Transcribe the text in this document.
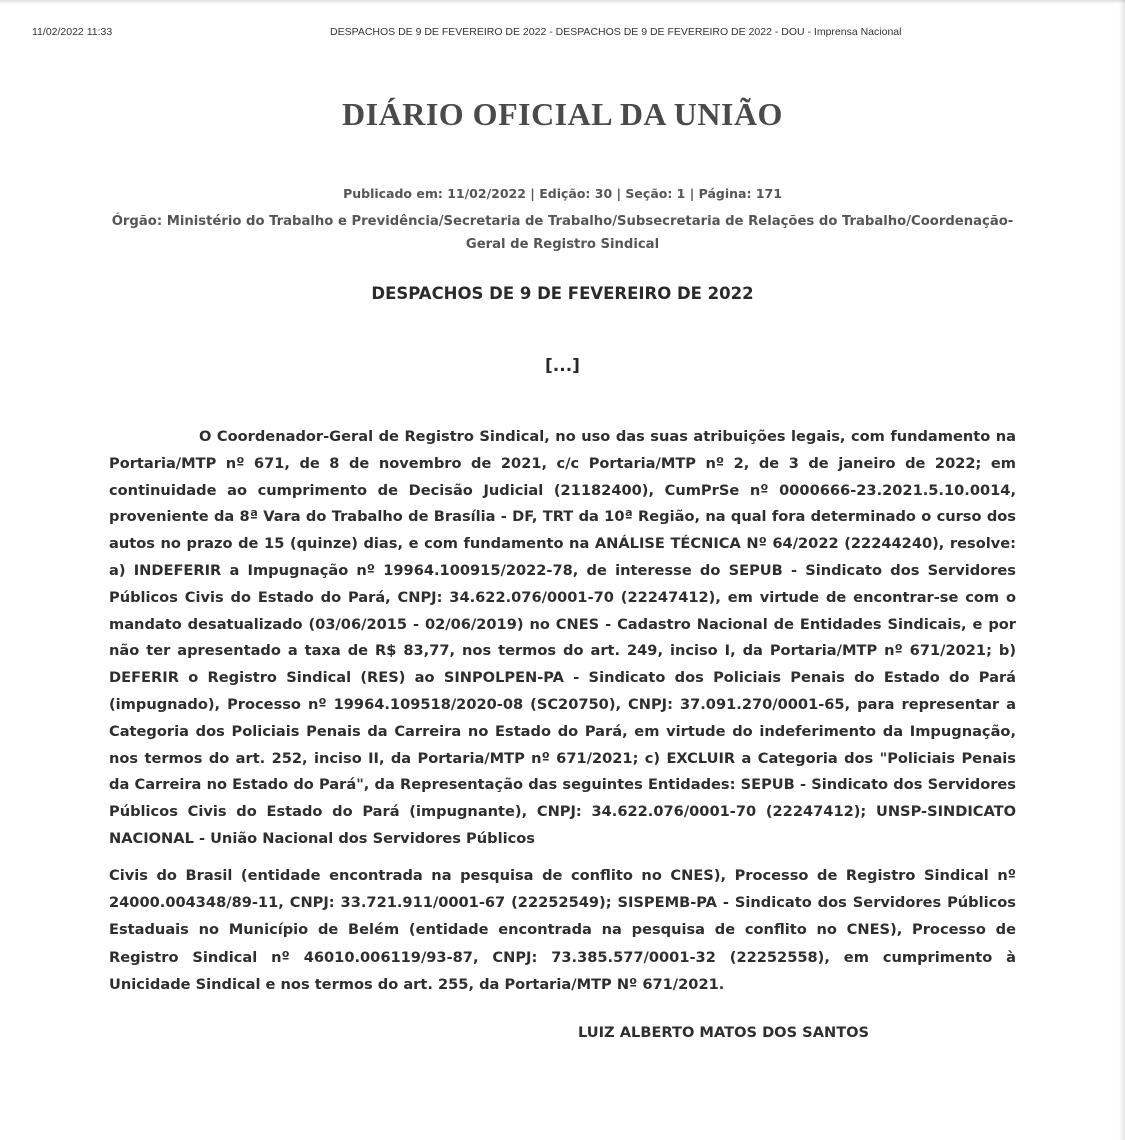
11/02/2022 11:33	DESPACHOS DE 9 DE FEVEREIRO DE 2022 - DESPACHOS DE 9 DE FEVEREIRO DE 2022 - DOU - Imprensa Nacional
DIÁRIO OFICIAL DA UNIÃO
Publicado em: 11/02/2022 | Edição: 30 | Seção: 1 | Página: 171
Órgão: Ministério do Trabalho e Previdência/Secretaria de Trabalho/Subsecretaria de Relações do Trabalho/Coordenação-Geral de Registro Sindical
DESPACHOS DE 9 DE FEVEREIRO DE 2022
[...]
O Coordenador-Geral de Registro Sindical, no uso das suas atribuições legais, com fundamento na Portaria/MTP nº 671, de 8 de novembro de 2021, c/c Portaria/MTP nº 2, de 3 de janeiro de 2022; em continuidade ao cumprimento de Decisão Judicial (21182400), CumPrSe nº 0000666-23.2021.5.10.0014, proveniente da 8ª Vara do Trabalho de Brasília - DF, TRT da 10ª Região, na qual fora determinado o curso dos autos no prazo de 15 (quinze) dias, e com fundamento na ANÁLISE TÉCNICA Nº 64/2022 (22244240), resolve: a) INDEFERIR a Impugnação nº 19964.100915/2022-78, de interesse do SEPUB - Sindicato dos Servidores Públicos Civis do Estado do Pará, CNPJ: 34.622.076/0001-70 (22247412), em virtude de encontrar-se com o mandato desatualizado (03/06/2015 - 02/06/2019) no CNES - Cadastro Nacional de Entidades Sindicais, e por não ter apresentado a taxa de R$ 83,77, nos termos do art. 249, inciso I, da Portaria/MTP nº 671/2021; b) DEFERIR o Registro Sindical (RES) ao SINPOLPEN-PA - Sindicato dos Policiais Penais do Estado do Pará (impugnado), Processo nº 19964.109518/2020-08 (SC20750), CNPJ: 37.091.270/0001-65, para representar a Categoria dos Policiais Penais da Carreira no Estado do Pará, em virtude do indeferimento da Impugnação, nos termos do art. 252, inciso II, da Portaria/MTP nº 671/2021; c) EXCLUIR a Categoria dos "Policiais Penais da Carreira no Estado do Pará", da Representação das seguintes Entidades: SEPUB - Sindicato dos Servidores Públicos Civis do Estado do Pará (impugnante), CNPJ: 34.622.076/0001-70 (22247412); UNSP-SINDICATO NACIONAL - União Nacional dos Servidores Públicos
Civis do Brasil (entidade encontrada na pesquisa de conflito no CNES), Processo de Registro Sindical nº 24000.004348/89-11, CNPJ: 33.721.911/0001-67 (22252549); SISPEMB-PA - Sindicato dos Servidores Públicos Estaduais no Município de Belém (entidade encontrada na pesquisa de conflito no CNES), Processo de Registro Sindical nº 46010.006119/93-87, CNPJ: 73.385.577/0001-32 (22252558), em cumprimento à Unicidade Sindical e nos termos do art. 255, da Portaria/MTP Nº 671/2021.
LUIZ ALBERTO MATOS DOS SANTOS
